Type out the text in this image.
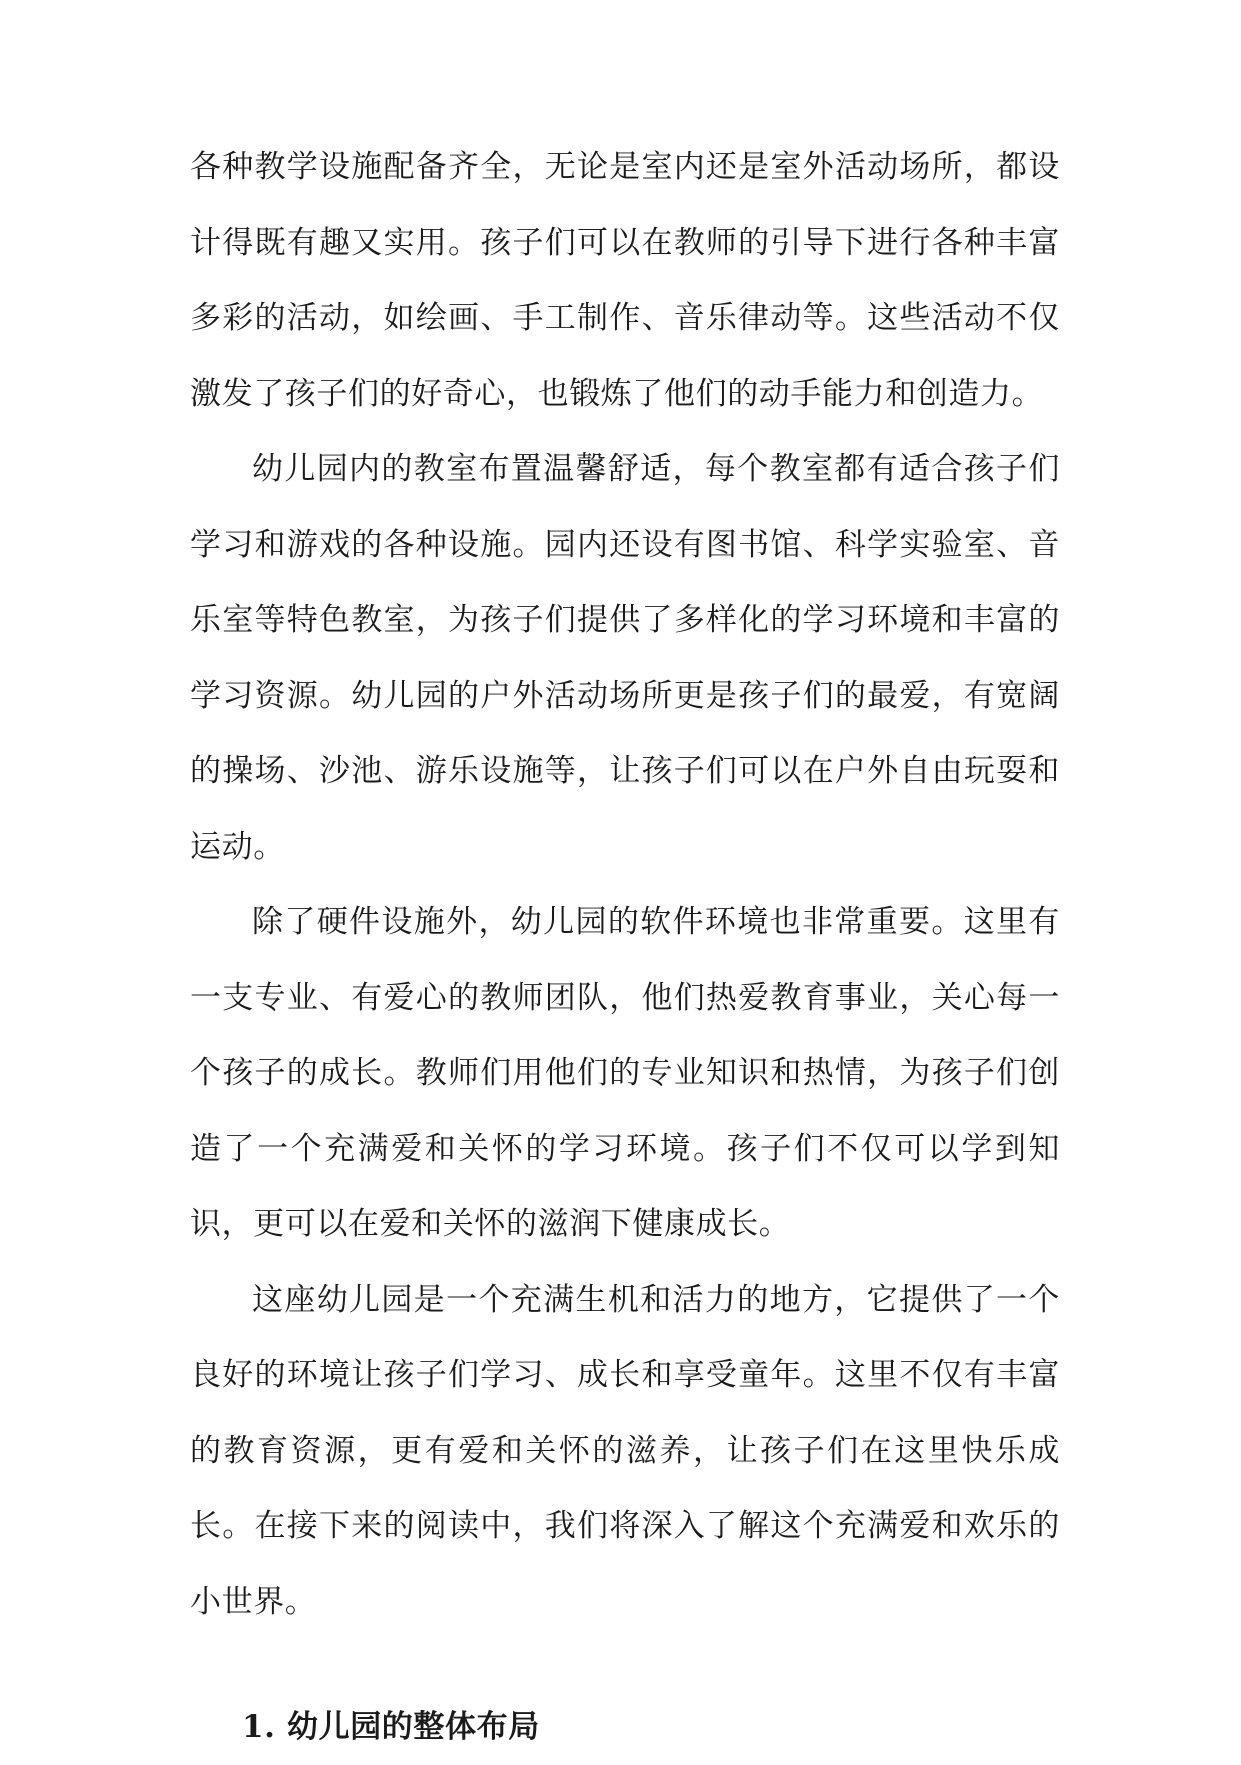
各种教学设施配备齐全，无论是室内还是室外活动场所，都设计得既有趣又实用。孩子们可以在教师的引导下进行各种丰富多彩的活动，如绘画、手工制作、音乐律动等。这些活动不仅激发了孩子们的好奇心，也锻炼了他们的动手能力和创造力。

幼儿园内的教室布置温馨舒适，每个教室都有适合孩子们学习和游戏的各种设施。园内还设有图书馆、科学实验室、音乐室等特色教室，为孩子们提供了多样化的学习环境和丰富的学习资源。幼儿园的户外活动场所更是孩子们的最爱，有宽阔的操场、沙池、游乐设施等，让孩子们可以在户外自由玩耍和运动。

除了硬件设施外，幼儿园的软件环境也非常重要。这里有一支专业、有爱心的教师团队，他们热爱教育事业，关心每一个孩子的成长。教师们用他们的专业知识和热情，为孩子们创造了一个充满爱和关怀的学习环境。孩子们不仅可以学到知识，更可以在爱和关怀的滋润下健康成长。

这座幼儿园是一个充满生机和活力的地方，它提供了一个良好的环境让孩子们学习、成长和享受童年。这里不仅有丰富的教育资源，更有爱和关怀的滋养，让孩子们在这里快乐成长。在接下来的阅读中，我们将深入了解这个充满爱和欢乐的小世界。

1. 幼儿园的整体布局
